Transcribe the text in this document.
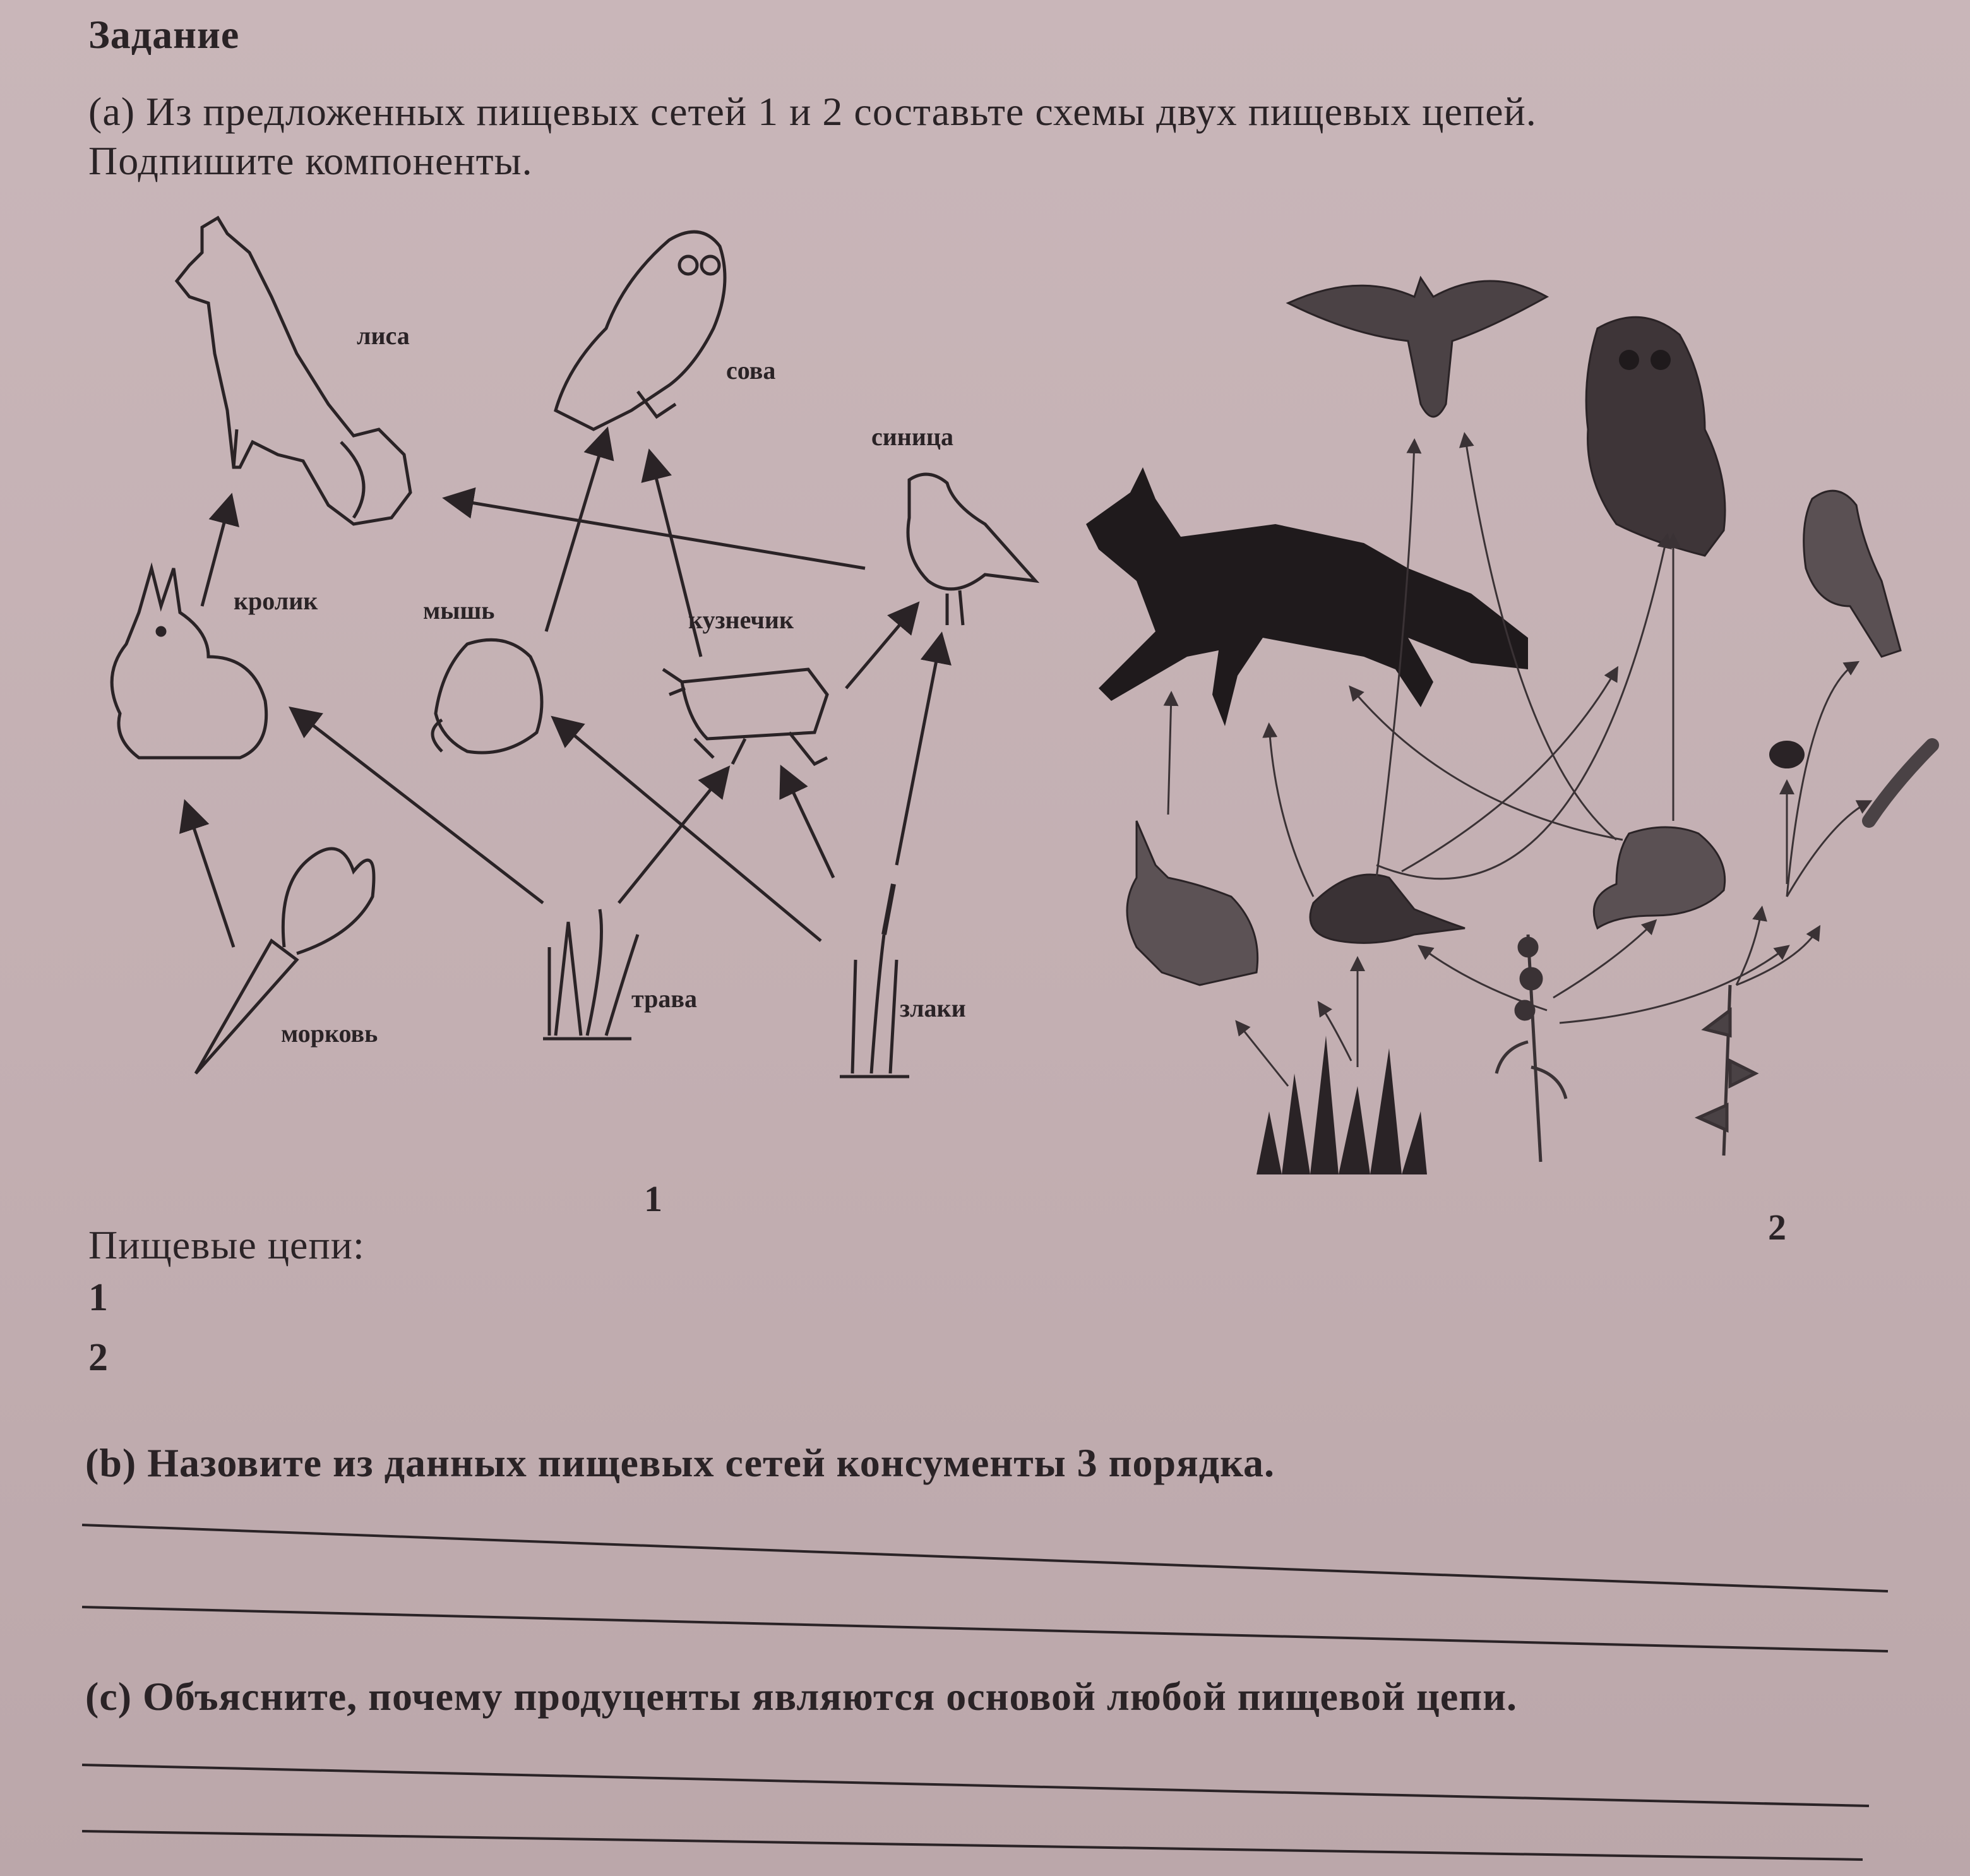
Задание
(a) Из предложенных пищевых сетей 1 и 2 составьте схемы двух пищевых цепей.
Подпишите компоненты.
лиса
сова
синица
кролик	мышь	кузнечик
морковь
трава	злаки
1
2
Пищевые цепи:
1
2
(b) Назовите из данных пищевых сетей консументы 3 порядка.
(c) Объясните, почему продуценты являются основой любой пищевой цепи.
